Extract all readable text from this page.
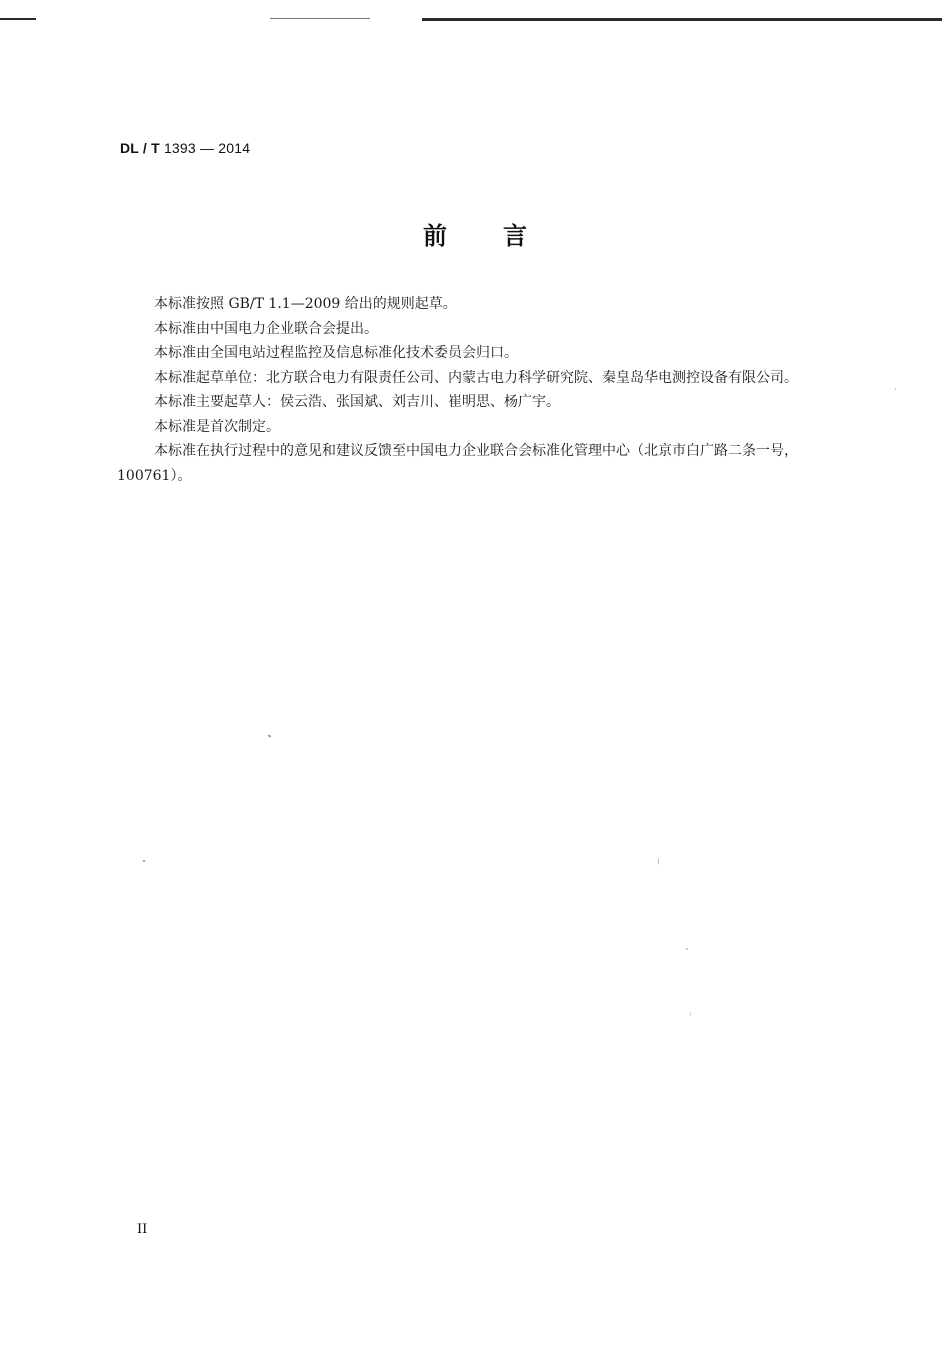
DL / T 1393 — 2014
前言

本标准按照 GB/T 1.1—2009 给出的规则起草。

本标准由中国电力企业联合会提出。

本标准由全国电站过程监控及信息标准化技术委员会归口。

本标准起草单位：北方联合电力有限责任公司、内蒙古电力科学研究院、秦皇岛华电测控设备有限公司。

本标准主要起草人：侯云浩、张国斌、刘吉川、崔明思、杨广宇。

本标准是首次制定。

本标准在执行过程中的意见和建议反馈至中国电力企业联合会标准化管理中心（北京市白广路二条一号，100761）。

II
